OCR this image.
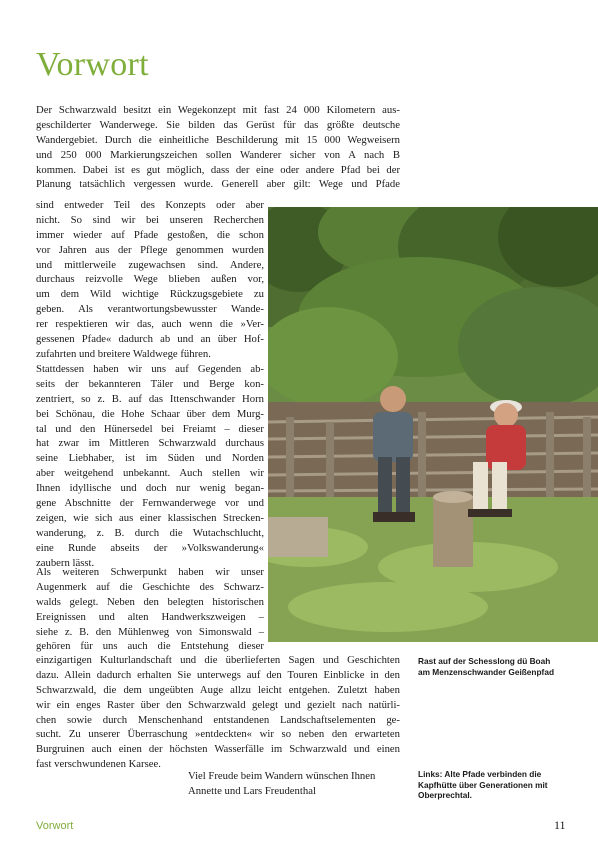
Vorwort
Der Schwarzwald besitzt ein Wegekonzept mit fast 24 000 Kilometern aus-
geschilderter Wanderwege. Sie bilden das Gerüst für das größte deutsche
Wandergebiet. Durch die einheitliche Beschilderung mit 15 000 Wegweisern
und 250 000 Markierungszeichen sollen Wanderer sicher von A nach B
kommen. Dabei ist es gut möglich, dass der eine oder andere Pfad bei der
Planung tatsächlich vergessen wurde. Generell aber gilt: Wege und Pfade
sind entweder Teil des Konzepts oder aber
nicht. So sind wir bei unseren Recherchen
immer wieder auf Pfade gestoßen, die schon
vor Jahren aus der Pflege genommen wurden
und mittlerweile zugewachsen sind. Andere,
durchaus reizvolle Wege blieben außen vor,
um dem Wild wichtige Rückzugsgebiete zu
geben. Als verantwortungsbewusster Wande-
rer respektieren wir das, auch wenn die »Ver-
gessenen Pfade« dadurch ab und an über Hof-
zufahrten und breitere Waldwege führen.
Stattdessen haben wir uns auf Gegenden ab-
seits der bekannteren Täler und Berge kon-
zentriert, so z. B. auf das Ittenschwander Horn
bei Schönau, die Hohe Schaar über dem Murg-
tal und den Hünersedel bei Freiamt – dieser
hat zwar im Mittleren Schwarzwald durchaus
seine Liebhaber, ist im Süden und Norden
aber weitgehend unbekannt. Auch stellen wir
Ihnen idyllische und doch nur wenig began-
gene Abschnitte der Fernwanderwege vor und
zeigen, wie sich aus einer klassischen Strecken-
wanderung, z. B. durch die Wutachschlucht,
eine Runde abseits der »Volkswanderung«
zaubern lässt.
Als weiteren Schwerpunkt haben wir unser
Augenmerk auf die Geschichte des Schwarz-
walds gelegt. Neben den belegten historischen
Ereignissen und alten Handwerkszweigen –
siehe z. B. den Mühlenweg von Simonswald –
gehören für uns auch die Entstehung dieser
einzigartigen Kulturlandschaft und die überlieferten Sagen und Geschichten
dazu. Allein dadurch erhalten Sie unterwegs auf den Touren Einblicke in den
Schwarzwald, die dem ungeübten Auge allzu leicht entgehen. Zuletzt haben
wir ein enges Raster über den Schwarzwald gelegt und gezielt nach natürli-
chen sowie durch Menschenhand entstandenen Landschaftselementen ge-
sucht. Zu unserer Überraschung »entdeckten« wir so neben den erwarteten
Burgruinen auch einen der höchsten Wasserfälle im Schwarzwald und einen
fast verschwundenen Karsee.
Viel Freude beim Wandern wünschen Ihnen
Annette und Lars Freudenthal
Rast auf der Schesslong dü Boah
am Menzenschwander Geißenpfad
Links: Alte Pfade verbinden die
Kapfhütte über Generationen mit
Oberprechtal.
Vorwort	11
